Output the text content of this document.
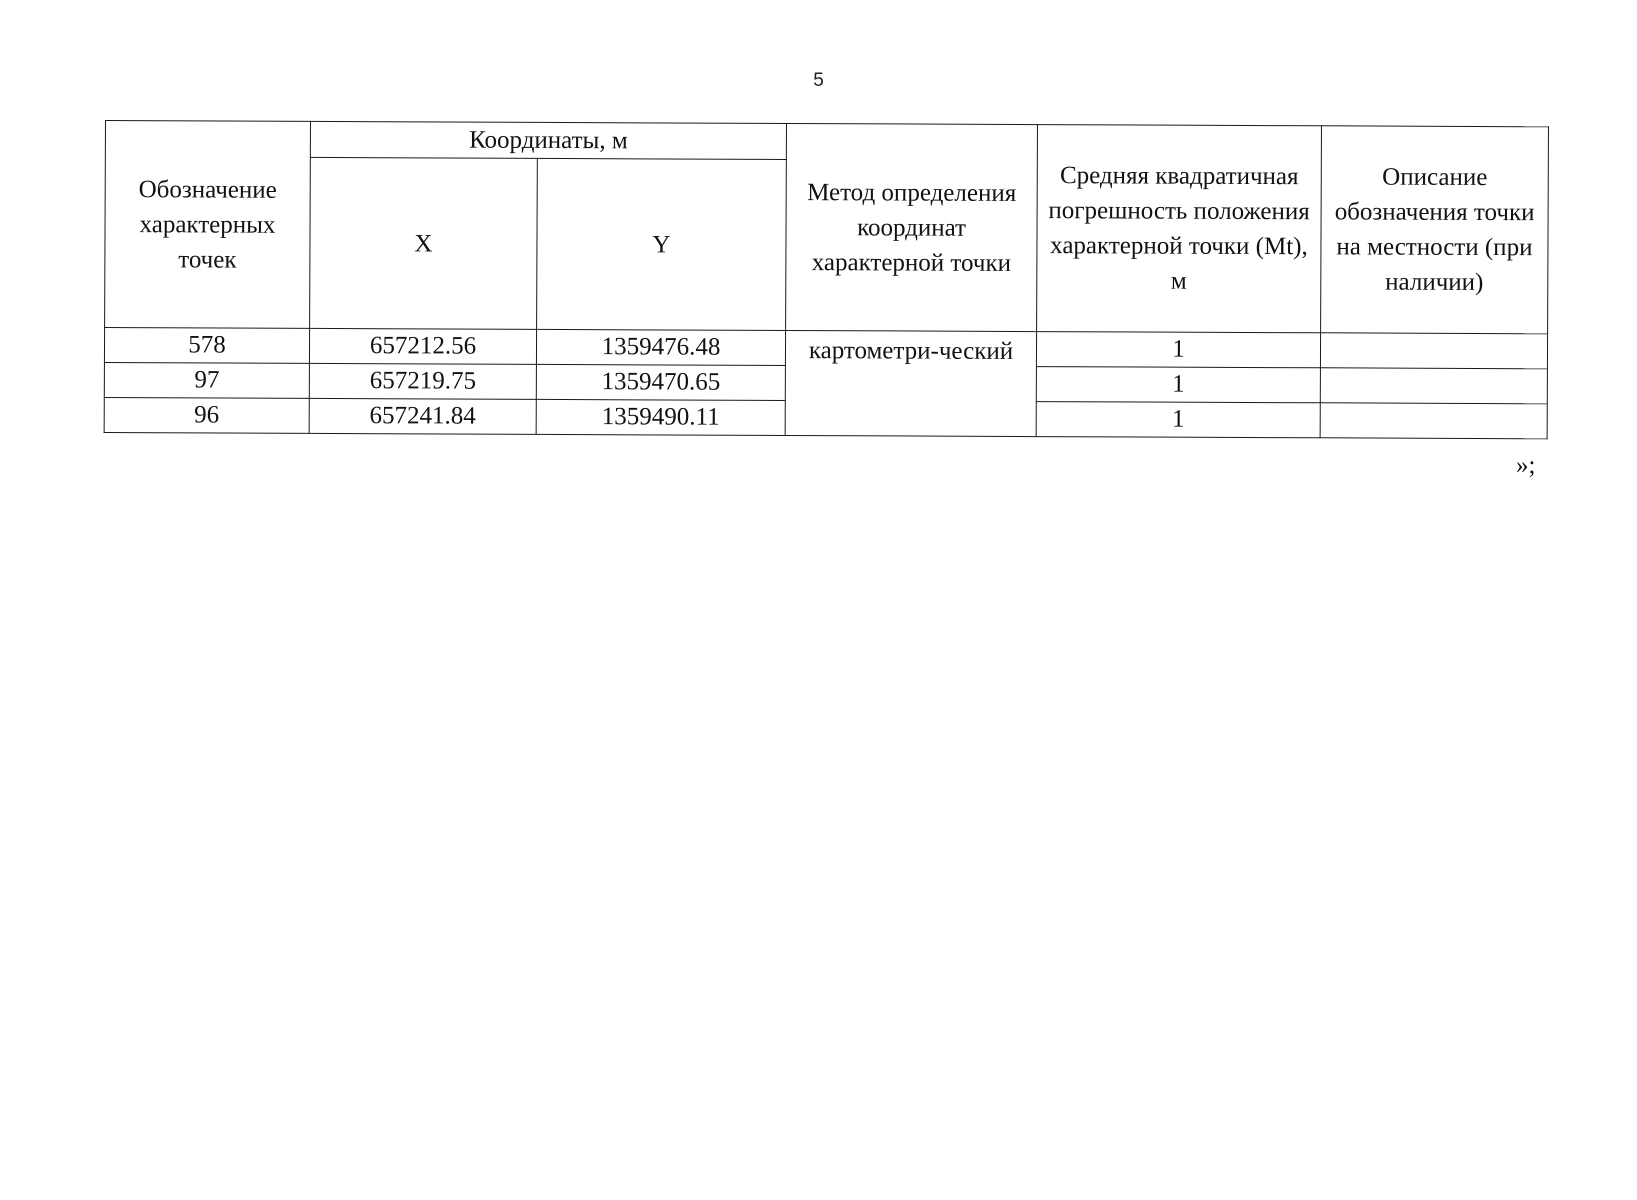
5
Обозначение характерных точек	Координаты, м		Метод определения координат характерной точки	Средняя квадратичная погрешность положения характерной точки (Mt), м	Описание обозначения точки на местности (при наличии)
	X	Y			
578	657212.56	1359476.48	картометри-ческий	1	
97	657219.75	1359470.65		1	
96	657241.84	1359490.11		1	
»;
